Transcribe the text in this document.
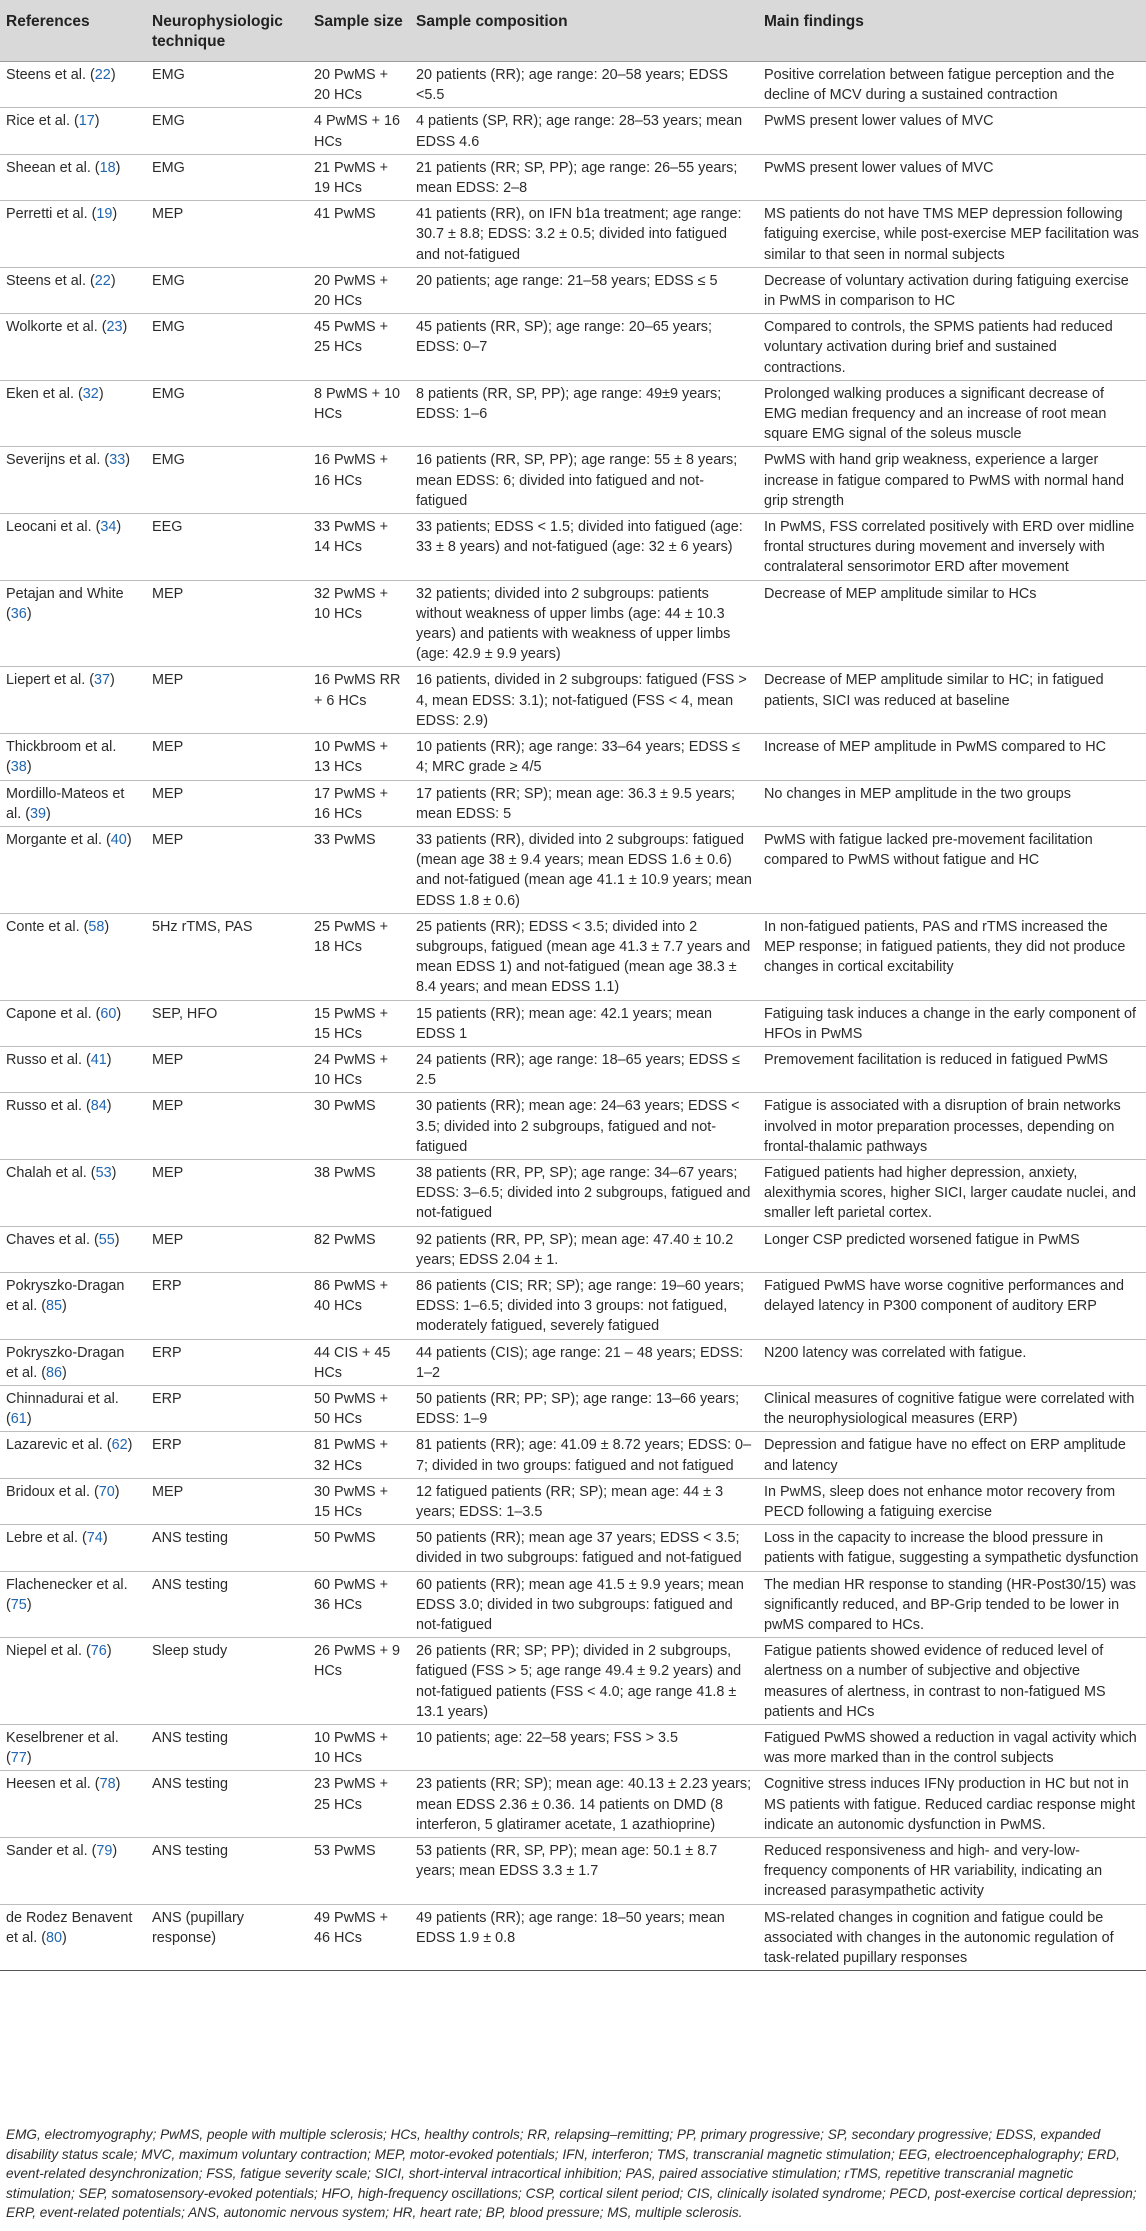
References	Neurophysiologic technique	Sample size	Sample composition	Main findings
Steens et al. (22)	EMG	20 PwMS + 20 HCs	20 patients (RR); age range: 20–58 years; EDSS <5.5	Positive correlation between fatigue perception and the decline of MCV during a sustained contraction
Rice et al. (17)	EMG	4 PwMS + 16 HCs	4 patients (SP, RR); age range: 28–53 years; mean EDSS 4.6	PwMS present lower values of MVC
Sheean et al. (18)	EMG	21 PwMS + 19 HCs	21 patients (RR; SP, PP); age range: 26–55 years; mean EDSS: 2–8	PwMS present lower values of MVC
Perretti et al. (19)	MEP	41 PwMS	41 patients (RR), on IFN b1a treatment; age range: 30.7 ± 8.8; EDSS: 3.2 ± 0.5; divided into fatigued and not-fatigued	MS patients do not have TMS MEP depression following fatiguing exercise, while post-exercise MEP facilitation was similar to that seen in normal subjects
Steens et al. (22)	EMG	20 PwMS + 20 HCs	20 patients; age range: 21–58 years; EDSS ≤ 5	Decrease of voluntary activation during fatiguing exercise in PwMS in comparison to HC
Wolkorte et al. (23)	EMG	45 PwMS + 25 HCs	45 patients (RR, SP); age range: 20–65 years; EDSS: 0–7	Compared to controls, the SPMS patients had reduced voluntary activation during brief and sustained contractions.
Eken et al. (32)	EMG	8 PwMS + 10 HCs	8 patients (RR, SP, PP); age range: 49±9 years; EDSS: 1–6	Prolonged walking produces a significant decrease of EMG median frequency and an increase of root mean square EMG signal of the soleus muscle
Severijns et al. (33)	EMG	16 PwMS + 16 HCs	16 patients (RR, SP, PP); age range: 55 ± 8 years; mean EDSS: 6; divided into fatigued and not-fatigued	PwMS with hand grip weakness, experience a larger increase in fatigue compared to PwMS with normal hand grip strength
Leocani et al. (34)	EEG	33 PwMS + 14 HCs	33 patients; EDSS < 1.5; divided into fatigued (age: 33 ± 8 years) and not-fatigued (age: 32 ± 6 years)	In PwMS, FSS correlated positively with ERD over midline frontal structures during movement and inversely with contralateral sensorimotor ERD after movement
Petajan and White (36)	MEP	32 PwMS + 10 HCs	32 patients; divided into 2 subgroups: patients without weakness of upper limbs (age: 44 ± 10.3 years) and patients with weakness of upper limbs (age: 42.9 ± 9.9 years)	Decrease of MEP amplitude similar to HCs
Liepert et al. (37)	MEP	16 PwMS RR + 6 HCs	16 patients, divided in 2 subgroups: fatigued (FSS > 4, mean EDSS: 3.1); not-fatigued (FSS < 4, mean EDSS: 2.9)	Decrease of MEP amplitude similar to HC; in fatigued patients, SICI was reduced at baseline
Thickbroom et al. (38)	MEP	10 PwMS + 13 HCs	10 patients (RR); age range: 33–64 years; EDSS ≤ 4; MRC grade ≥ 4/5	Increase of MEP amplitude in PwMS compared to HC
Mordillo-Mateos et al. (39)	MEP	17 PwMS + 16 HCs	17 patients (RR; SP); mean age: 36.3 ± 9.5 years; mean EDSS: 5	No changes in MEP amplitude in the two groups
Morgante et al. (40)	MEP	33 PwMS	33 patients (RR), divided into 2 subgroups: fatigued (mean age 38 ± 9.4 years; mean EDSS 1.6 ± 0.6) and not-fatigued (mean age 41.1 ± 10.9 years; mean EDSS 1.8 ± 0.6)	PwMS with fatigue lacked pre-movement facilitation compared to PwMS without fatigue and HC
Conte et al. (58)	5Hz rTMS, PAS	25 PwMS + 18 HCs	25 patients (RR); EDSS < 3.5; divided into 2 subgroups, fatigued (mean age 41.3 ± 7.7 years and mean EDSS 1) and not-fatigued (mean age 38.3 ± 8.4 years; and mean EDSS 1.1)	In non-fatigued patients, PAS and rTMS increased the MEP response; in fatigued patients, they did not produce changes in cortical excitability
Capone et al. (60)	SEP, HFO	15 PwMS + 15 HCs	15 patients (RR); mean age: 42.1 years; mean EDSS 1	Fatiguing task induces a change in the early component of HFOs in PwMS
Russo et al. (41)	MEP	24 PwMS + 10 HCs	24 patients (RR); age range: 18–65 years; EDSS ≤ 2.5	Premovement facilitation is reduced in fatigued PwMS
Russo et al. (84)	MEP	30 PwMS	30 patients (RR); mean age: 24–63 years; EDSS < 3.5; divided into 2 subgroups, fatigued and not-fatigued	Fatigue is associated with a disruption of brain networks involved in motor preparation processes, depending on frontal-thalamic pathways
Chalah et al. (53)	MEP	38 PwMS	38 patients (RR, PP, SP); age range: 34–67 years; EDSS: 3–6.5; divided into 2 subgroups, fatigued and not-fatigued	Fatigued patients had higher depression, anxiety, alexithymia scores, higher SICI, larger caudate nuclei, and smaller left parietal cortex.
Chaves et al. (55)	MEP	82 PwMS	92 patients (RR, PP, SP); mean age: 47.40 ± 10.2 years; EDSS 2.04 ± 1.	Longer CSP predicted worsened fatigue in PwMS
Pokryszko-Dragan et al. (85)	ERP	86 PwMS + 40 HCs	86 patients (CIS; RR; SP); age range: 19–60 years; EDSS: 1–6.5; divided into 3 groups: not fatigued, moderately fatigued, severely fatigued	Fatigued PwMS have worse cognitive performances and delayed latency in P300 component of auditory ERP
Pokryszko-Dragan et al. (86)	ERP	44 CIS + 45 HCs	44 patients (CIS); age range: 21 – 48 years; EDSS: 1–2	N200 latency was correlated with fatigue.
Chinnadurai et al. (61)	ERP	50 PwMS + 50 HCs	50 patients (RR; PP; SP); age range: 13–66 years; EDSS: 1–9	Clinical measures of cognitive fatigue were correlated with the neurophysiological measures (ERP)
Lazarevic et al. (62)	ERP	81 PwMS + 32 HCs	81 patients (RR); age: 41.09 ± 8.72 years; EDSS: 0–7; divided in two groups: fatigued and not fatigued	Depression and fatigue have no effect on ERP amplitude and latency
Bridoux et al. (70)	MEP	30 PwMS + 15 HCs	12 fatigued patients (RR; SP); mean age: 44 ± 3 years; EDSS: 1–3.5	In PwMS, sleep does not enhance motor recovery from PECD following a fatiguing exercise
Lebre et al. (74)	ANS testing	50 PwMS	50 patients (RR); mean age 37 years; EDSS < 3.5; divided in two subgroups: fatigued and not-fatigued	Loss in the capacity to increase the blood pressure in patients with fatigue, suggesting a sympathetic dysfunction
Flachenecker et al. (75)	ANS testing	60 PwMS + 36 HCs	60 patients (RR); mean age 41.5 ± 9.9 years; mean EDSS 3.0; divided in two subgroups: fatigued and not-fatigued	The median HR response to standing (HR-Post30/15) was significantly reduced, and BP-Grip tended to be lower in pwMS compared to HCs.
Niepel et al. (76)	Sleep study	26 PwMS + 9 HCs	26 patients (RR; SP; PP); divided in 2 subgroups, fatigued (FSS > 5; age range 49.4 ± 9.2 years) and not-fatigued patients (FSS < 4.0; age range 41.8 ± 13.1 years)	Fatigue patients showed evidence of reduced level of alertness on a number of subjective and objective measures of alertness, in contrast to non-fatigued MS patients and HCs
Keselbrener et al. (77)	ANS testing	10 PwMS + 10 HCs	10 patients; age: 22–58 years; FSS > 3.5	Fatigued PwMS showed a reduction in vagal activity which was more marked than in the control subjects
Heesen et al. (78)	ANS testing	23 PwMS + 25 HCs	23 patients (RR; SP); mean age: 40.13 ± 2.23 years; mean EDSS 2.36 ± 0.36. 14 patients on DMD (8 interferon, 5 glatiramer acetate, 1 azathioprine)	Cognitive stress induces IFNγ production in HC but not in MS patients with fatigue. Reduced cardiac response might indicate an autonomic dysfunction in PwMS.
Sander et al. (79)	ANS testing	53 PwMS	53 patients (RR, SP, PP); mean age: 50.1 ± 8.7 years; mean EDSS 3.3 ± 1.7	Reduced responsiveness and high- and very-low-frequency components of HR variability, indicating an increased parasympathetic activity
de Rodez Benavent et al. (80)	ANS (pupillary response)	49 PwMS + 46 HCs	49 patients (RR); age range: 18–50 years; mean EDSS 1.9 ± 0.8	MS-related changes in cognition and fatigue could be associated with changes in the autonomic regulation of task-related pupillary responses
EMG, electromyography; PwMS, people with multiple sclerosis; HCs, healthy controls; RR, relapsing–remitting; PP, primary progressive; SP, secondary progressive; EDSS, expanded disability status scale; MVC, maximum voluntary contraction; MEP, motor-evoked potentials; IFN, interferon; TMS, transcranial magnetic stimulation; EEG, electroencephalography; ERD, event-related desynchronization; FSS, fatigue severity scale; SICI, short-interval intracortical inhibition; PAS, paired associative stimulation; rTMS, repetitive transcranial magnetic stimulation; SEP, somatosensory-evoked potentials; HFO, high-frequency oscillations; CSP, cortical silent period; CIS, clinically isolated syndrome; PECD, post-exercise cortical depression; ERP, event-related potentials; ANS, autonomic nervous system; HR, heart rate; BP, blood pressure; MS, multiple sclerosis.
